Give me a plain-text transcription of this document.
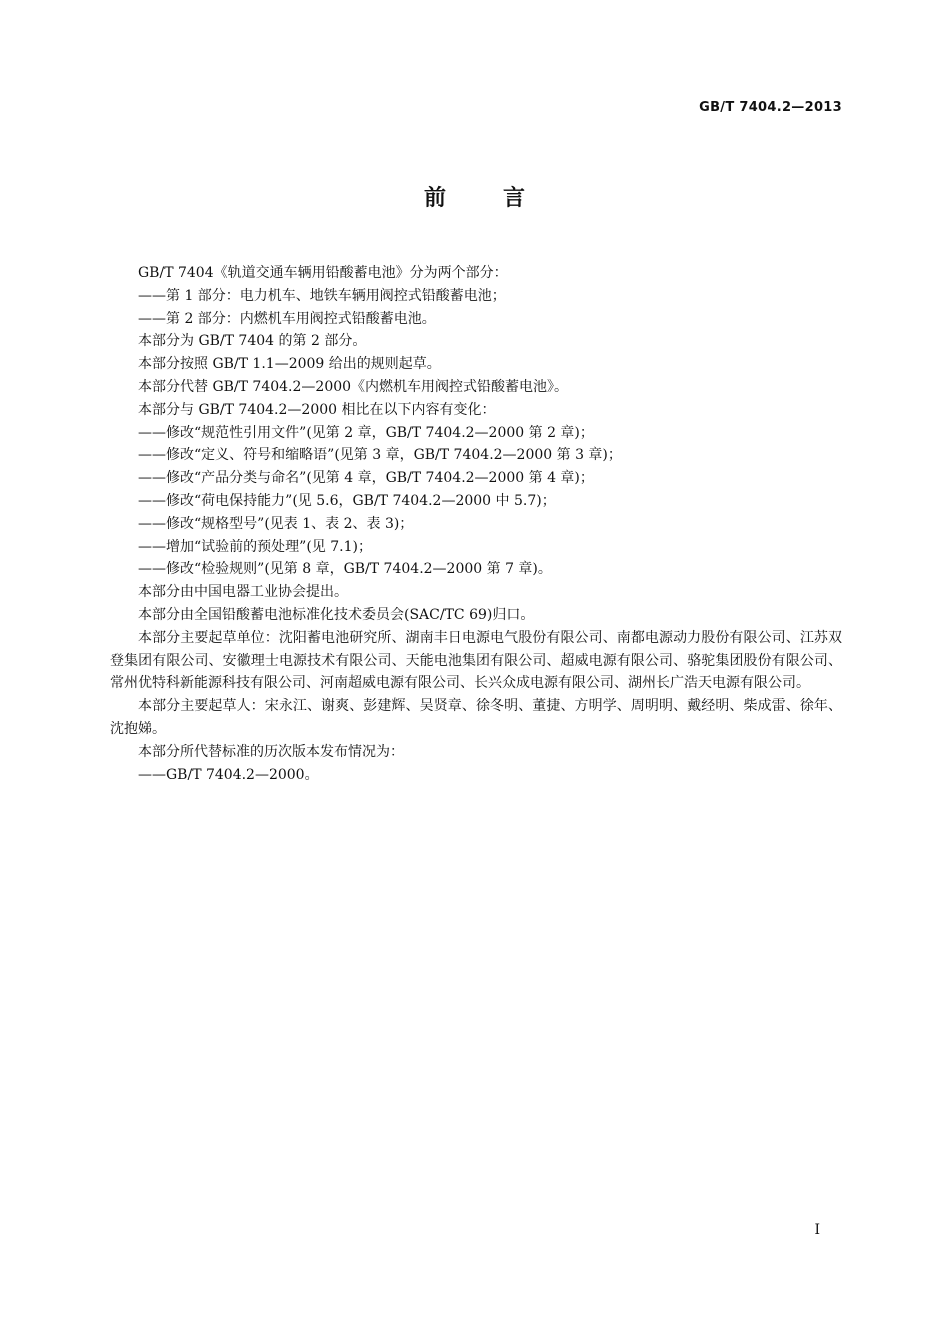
GB/T 7404.2—2013
前	言

GB/T 7404《轨道交通车辆用铅酸蓄电池》分为两个部分：

——第 1 部分：电力机车、地铁车辆用阀控式铅酸蓄电池；

——第 2 部分：内燃机车用阀控式铅酸蓄电池。

本部分为 GB/T 7404 的第 2 部分。

本部分按照 GB/T 1.1—2009 给出的规则起草。

本部分代替 GB/T 7404.2—2000《内燃机车用阀控式铅酸蓄电池》。

本部分与 GB/T 7404.2—2000 相比在以下内容有变化：

——修改“规范性引用文件”(见第 2 章，GB/T 7404.2—2000 第 2 章)；

——修改“定义、符号和缩略语”(见第 3 章，GB/T 7404.2—2000 第 3 章)；

——修改“产品分类与命名”(见第 4 章，GB/T 7404.2—2000 第 4 章)；

——修改“荷电保持能力”(见 5.6，GB/T 7404.2—2000 中 5.7)；

——修改“规格型号”(见表 1、表 2、表 3)；

——增加“试验前的预处理”(见 7.1)；

——修改“检验规则”(见第 8 章，GB/T 7404.2—2000 第 7 章)。

本部分由中国电器工业协会提出。

本部分由全国铅酸蓄电池标准化技术委员会(SAC/TC 69)归口。

本部分主要起草单位：沈阳蓄电池研究所、湖南丰日电源电气股份有限公司、南都电源动力股份有限公司、江苏双登集团有限公司、安徽理士电源技术有限公司、天能电池集团有限公司、超威电源有限公司、骆驼集团股份有限公司、常州优特科新能源科技有限公司、河南超威电源有限公司、长兴众成电源有限公司、湖州长广浩天电源有限公司。

本部分主要起草人：宋永江、谢爽、彭建辉、吴贤章、徐冬明、董捷、方明学、周明明、戴经明、柴成雷、徐年、沈抱娣。

本部分所代替标准的历次版本发布情况为：

——GB/T 7404.2—2000。

I
